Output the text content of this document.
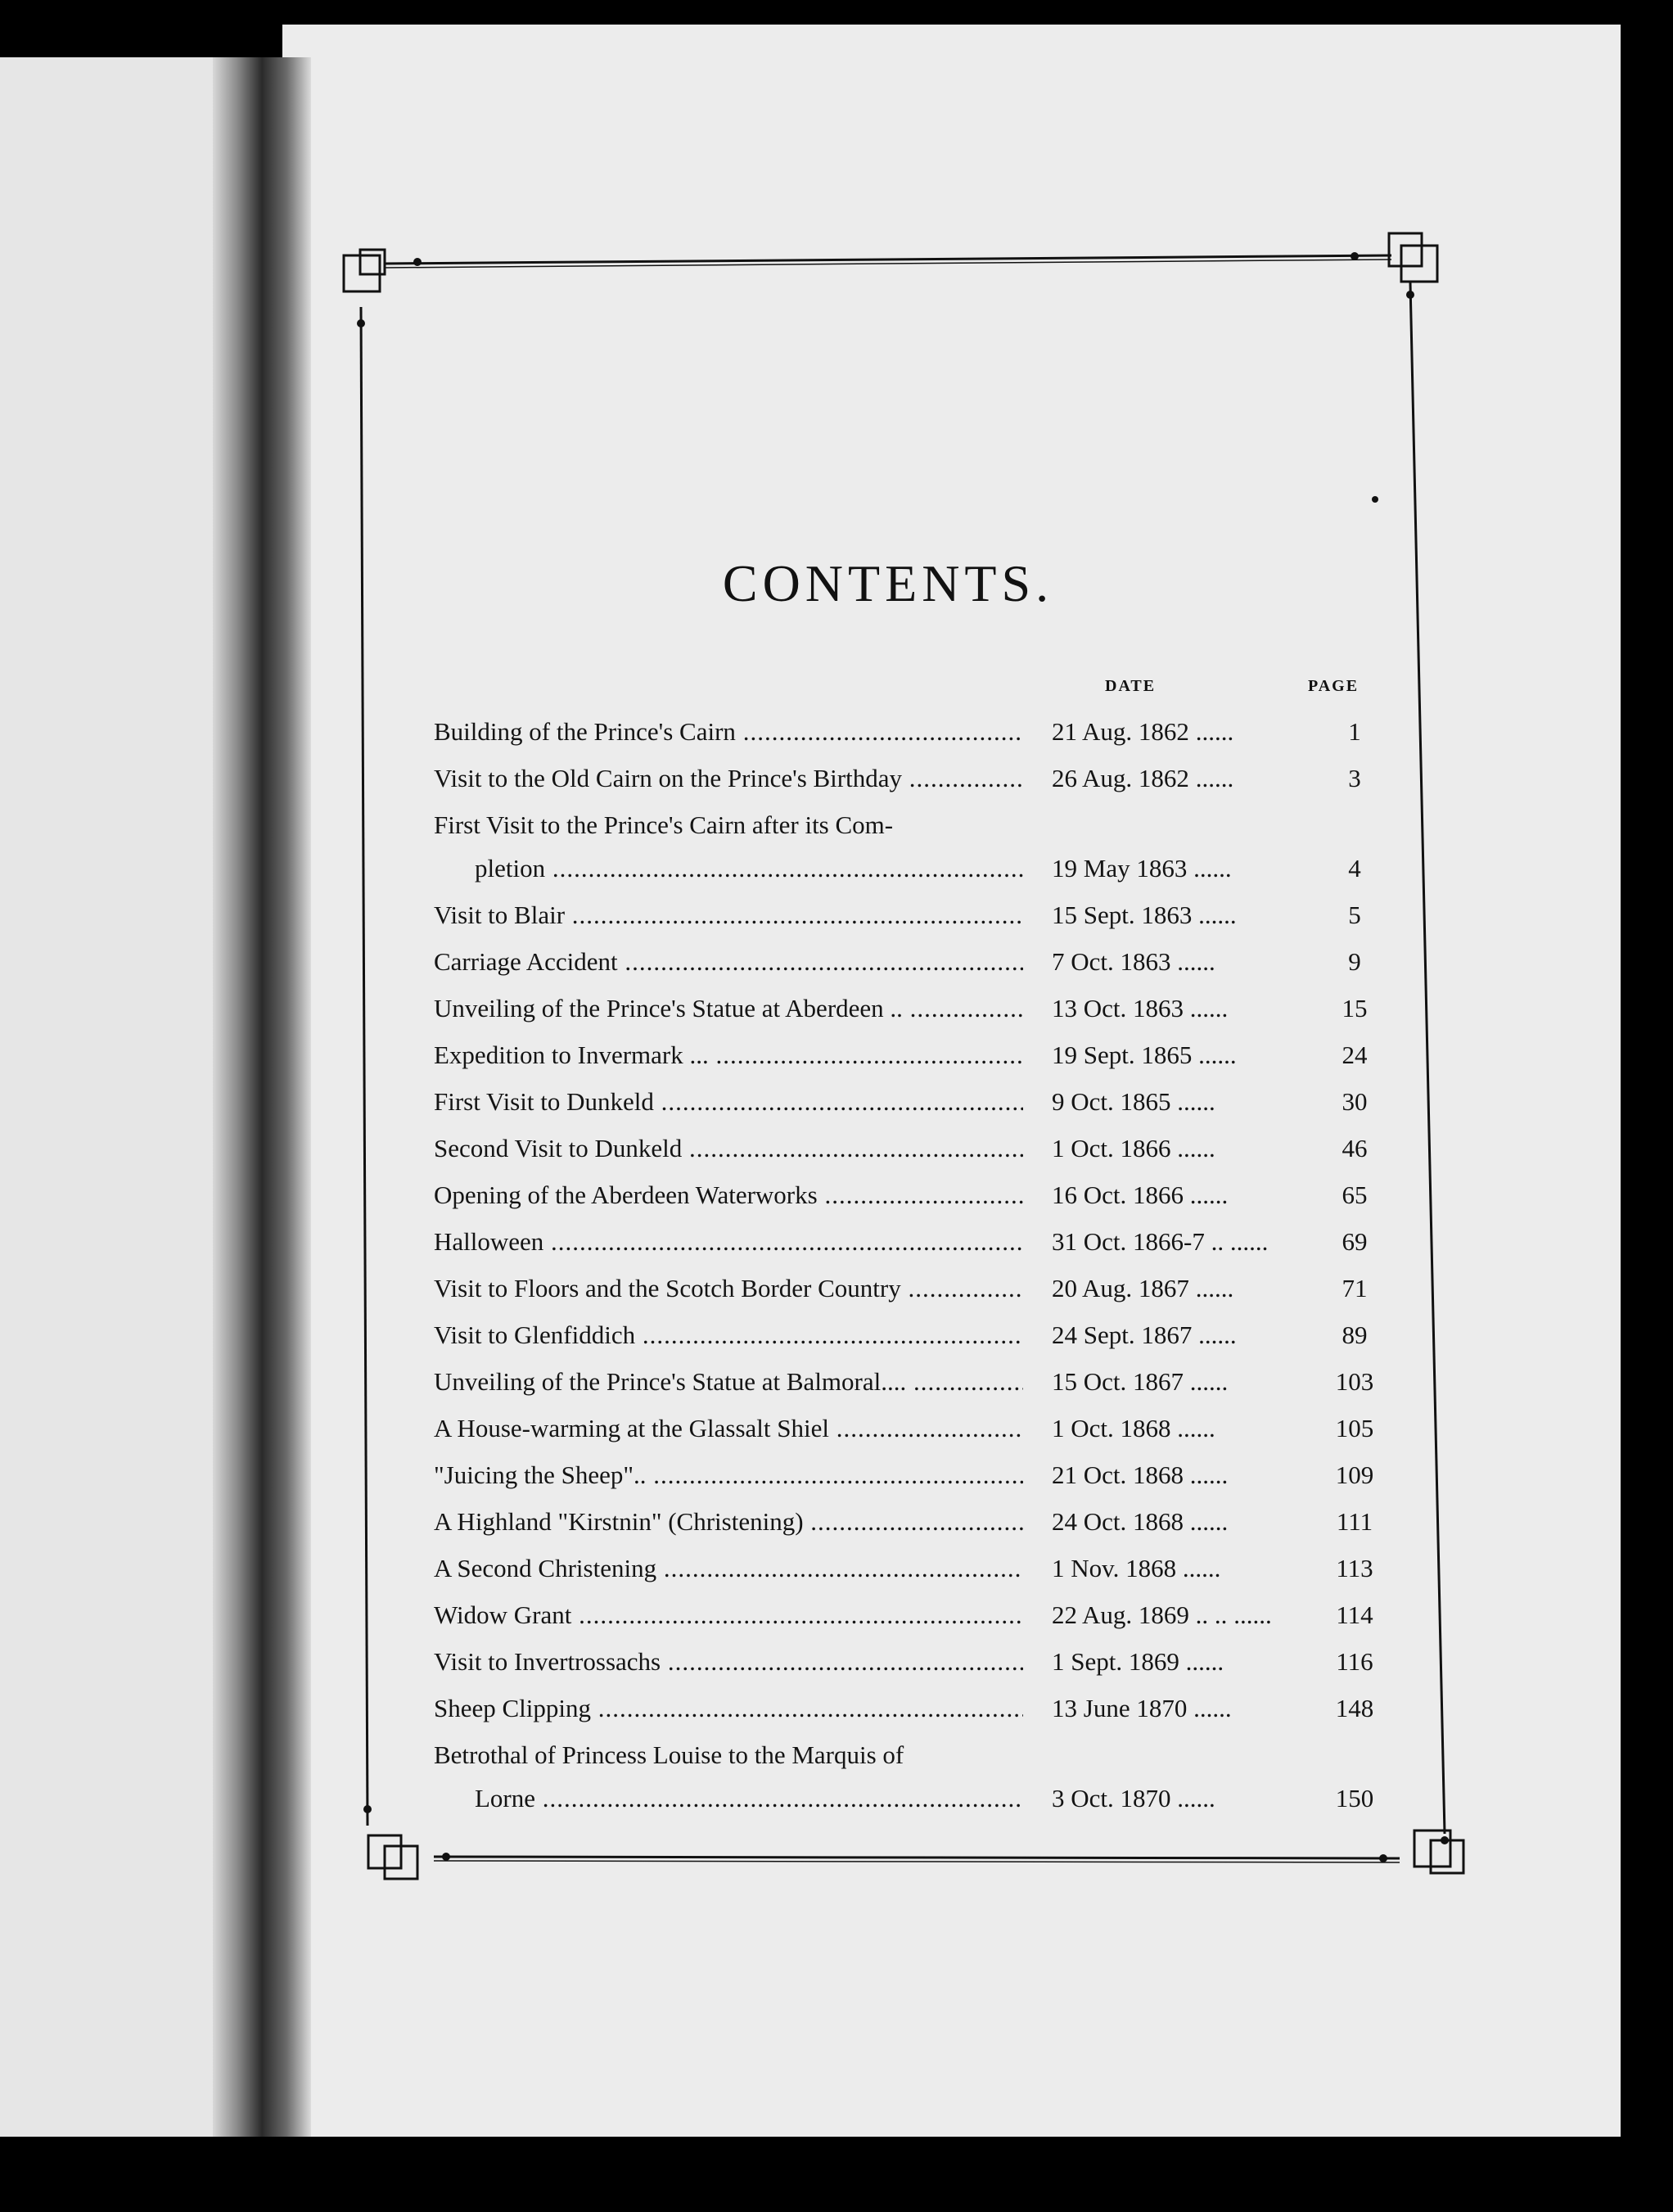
CONTENTS.
DATE	PAGE
Building of the Prince's Cairn .....	21 Aug. 1862 ......	1
Visit to the Old Cairn on the Prince's Birthday .....	26 Aug. 1862 ......	3
First Visit to the Prince's Cairn after its Com-
pletion .....	19 May 1863 ......	4
Visit to Blair .....	15 Sept. 1863 ......	5
Carriage Accident .....	7 Oct. 1863 ......	9
Unveiling of the Prince's Statue at Aberdeen .. .....	13 Oct. 1863 ......	15
Expedition to Invermark ... .....	19 Sept. 1865 ......	24
First Visit to Dunkeld .....	9 Oct. 1865 ......	30
Second Visit to Dunkeld .....	1 Oct. 1866 ......	46
Opening of the Aberdeen Waterworks .....	16 Oct. 1866 ......	65
Halloween .....	31 Oct. 1866-7 .. ......	69
Visit to Floors and the Scotch Border Country .....	20 Aug. 1867 ......	71
Visit to Glenfiddich .....	24 Sept. 1867 ......	89
Unveiling of the Prince's Statue at Balmoral.... .....	15 Oct. 1867 ......	103
A House-warming at the Glassalt Shiel .....	1 Oct. 1868 ......	105
"Juicing the Sheep".. .....	21 Oct. 1868 ......	109
A Highland "Kirstnin" (Christening) .....	24 Oct. 1868 ......	111
A Second Christening .....	1 Nov. 1868 ......	113
Widow Grant .....	22 Aug. 1869 .. .. ......	114
Visit to Invertrossachs .....	1 Sept. 1869 ......	116
Sheep Clipping .....	13 June 1870 ......	148
Betrothal of Princess Louise to the Marquis of
Lorne .....	3 Oct. 1870 ......	150
